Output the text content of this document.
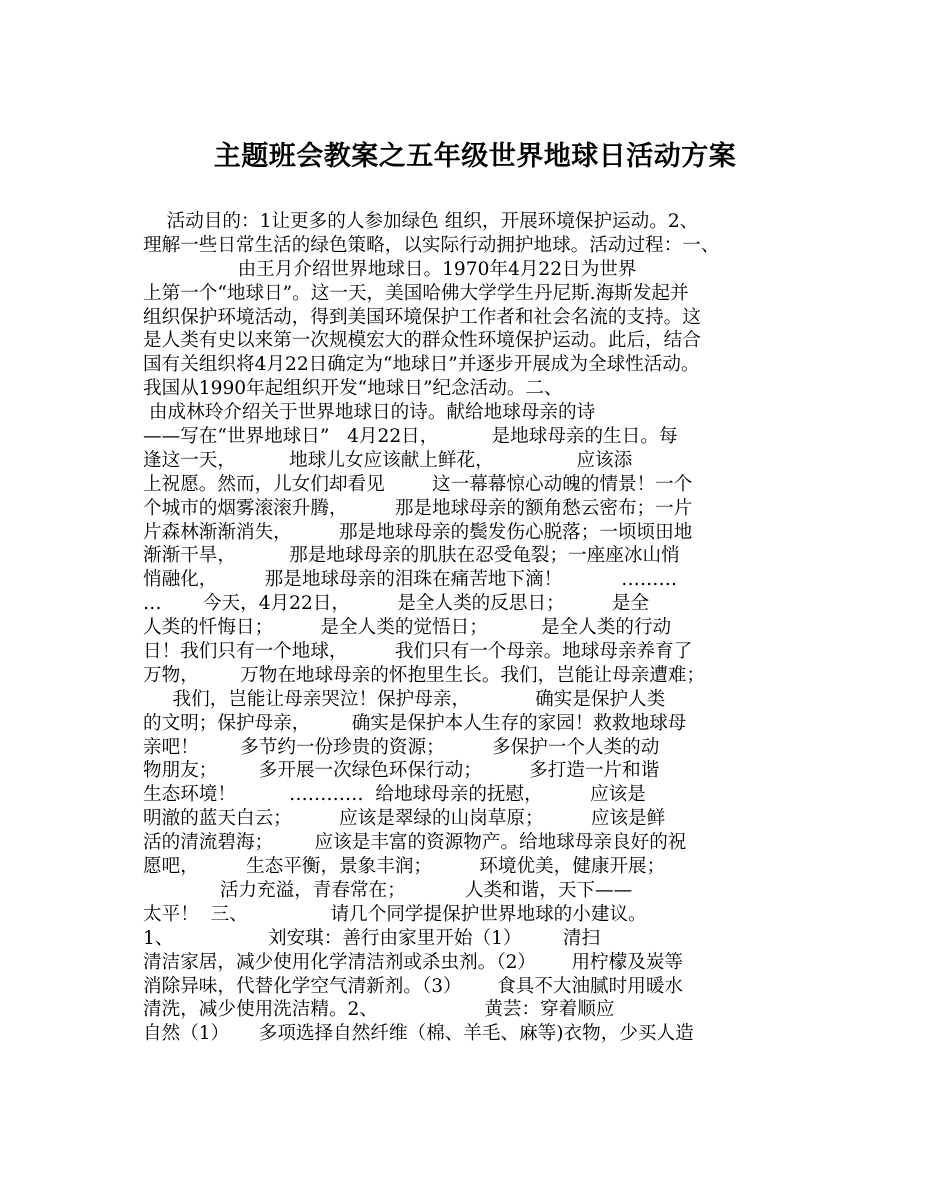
主题班会教案之五年级世界地球日活动方案
活动目的：1让更多的人参加绿色 组织，开展环境保护运动。2、
理解一些日常生活的绿色策略，以实际行动拥护地球。活动过程：一、
由王月介绍世界地球日。1970年4月22日为世界
上第一个“地球日”。这一天，美国哈佛大学学生丹尼斯.海斯发起并
组织保护环境活动，得到美国环境保护工作者和社会名流的支持。这
是人类有史以来第一次规模宏大的群众性环境保护运动。此后，结合
国有关组织将4月22日确定为“地球日”并逐步开展成为全球性活动。
我国从1990年起组织开发“地球日”纪念活动。二、
由成林玲介绍关于世界地球日的诗。献给地球母亲的诗
——写在“世界地球日”   4月22日，         是地球母亲的生日。每
逢这一天，         地球儿女应该献上鲜花，              应该添
上祝愿。然而，儿女们却看见        这一幕幕惊心动魄的情景！一个
个城市的烟雾滚滚升腾，        那是地球母亲的额角愁云密布；一片
片森林渐渐消失，        那是地球母亲的鬓发伤心脱落；一顷顷田地
渐渐干旱，         那是地球母亲的肌肤在忍受龟裂；一座座冰山悄
悄融化，        那是地球母亲的泪珠在痛苦地下滴！          ………
…       今天，4月22日，        是全人类的反思日；        是全
人类的忏悔日；        是全人类的觉悟日；         是全人类的行动
日！我们只有一个地球，        我们只有一个母亲。地球母亲养育了
万物，       万物在地球母亲的怀抱里生长。我们，岂能让母亲遭难；
我们，岂能让母亲哭泣！保护母亲，           确实是保护人类
的文明；保护母亲，       确实是保护本人生存的家园！救救地球母
亲吧！       多节约一份珍贵的资源；        多保护一个人类的动
物朋友；       多开展一次绿色环保行动；        多打造一片和谐
生态环境！         …………  给地球母亲的抚慰，        应该是
明澈的蓝天白云；        应该是翠绿的山岗草原；        应该是鲜
活的清流碧海；       应该是丰富的资源物产。给地球母亲良好的祝
愿吧，        生态平衡，景象丰润；        环境优美，健康开展；
活力充溢，青春常在；          人类和谐，天下——
太平！  三、              请几个同学提保护世界地球的小建议。
1、                刘安琪：善行由家里开始（1）       清扫
清洁家居，减少使用化学清洁剂或杀虫剂。（2）      用柠檬及炭等
消除异味，代替化学空气清新剂。（3）      食具不大油腻时用暖水
清洗，减少使用洗洁精。2、                  黄芸：穿着顺应
自然（1）     多项选择自然纤维（棉、羊毛、麻等)衣物，少买人造
